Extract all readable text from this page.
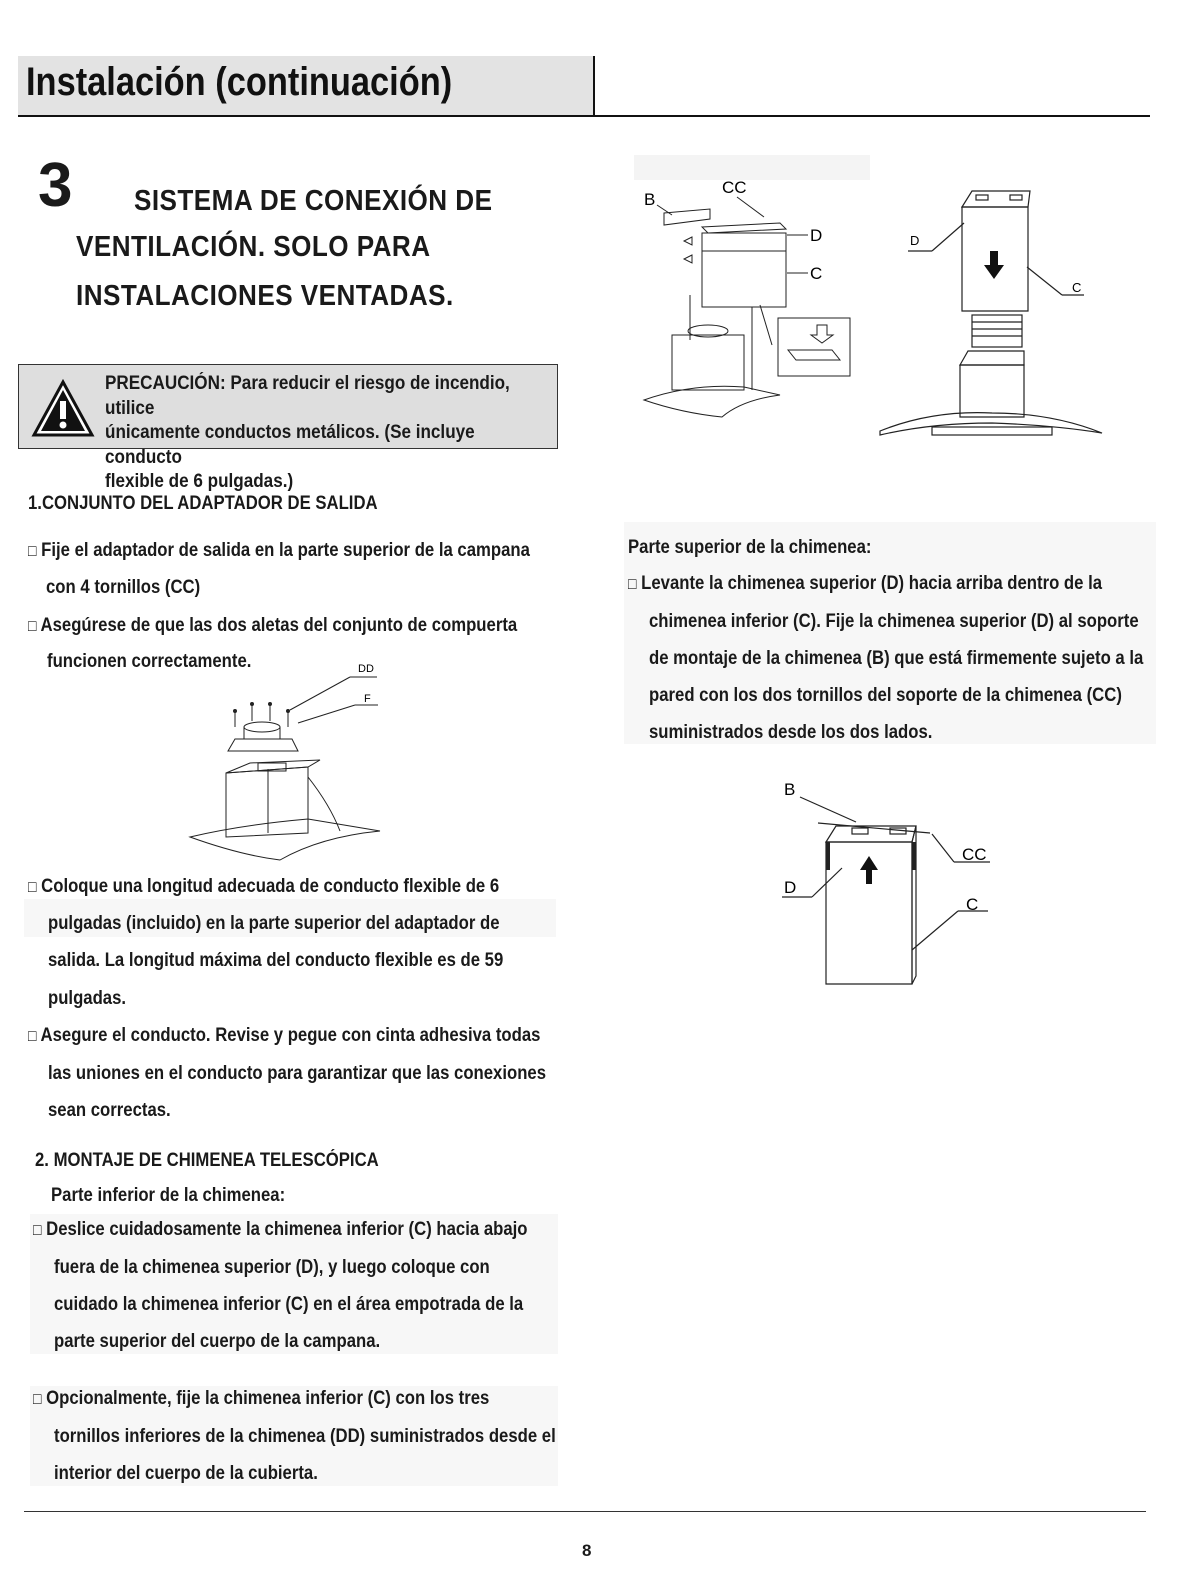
Instalación (continuación)
3 SISTEMA DE CONEXIÓN DE
VENTILACIÓN. SOLO PARA
INSTALACIONES VENTADAS.
PRECAUCIÓN: Para reducir el riesgo de incendio, utilice
únicamente conductos metálicos. (Se incluye conducto
flexible de 6 pulgadas.)
1.CONJUNTO DEL ADAPTADOR DE SALIDA
□ Fije el adaptador de salida en la parte superior de la campana
con 4 tornillos (CC)
□ Asegúrese de que las dos aletas del conjunto de compuerta
funcionen correctamente.	DD
F
□ Coloque una longitud adecuada de conducto flexible de 6
pulgadas (incluido) en la parte superior del adaptador de
salida. La longitud máxima del conducto flexible es de 59
pulgadas.
□ Asegure el conducto. Revise y pegue con cinta adhesiva todas
las uniones en el conducto para garantizar que las conexiones
sean correctas.
2. MONTAJE DE CHIMENEA TELESCÓPICA
Parte inferior de la chimenea:
□ Deslice cuidadosamente la chimenea inferior (C) hacia abajo
fuera de la chimenea superior (D), y luego coloque con
cuidado la chimenea inferior (C) en el área empotrada de la
parte superior del cuerpo de la campana.
□ Opcionalmente, fije la chimenea inferior (C) con los tres
tornillos inferiores de la chimenea (DD) suministrados desde el
interior del cuerpo de la cubierta.
B
CC
D
C
D
C
Parte superior de la chimenea:
□ Levante la chimenea superior (D) hacia arriba dentro de la
chimenea inferior (C). Fije la chimenea superior (D) al soporte
de montaje de la chimenea (B) que está firmemente sujeto a la
pared con los dos tornillos del soporte de la chimenea (CC)
suministrados desde los dos lados.
B
CC
D
C
8
